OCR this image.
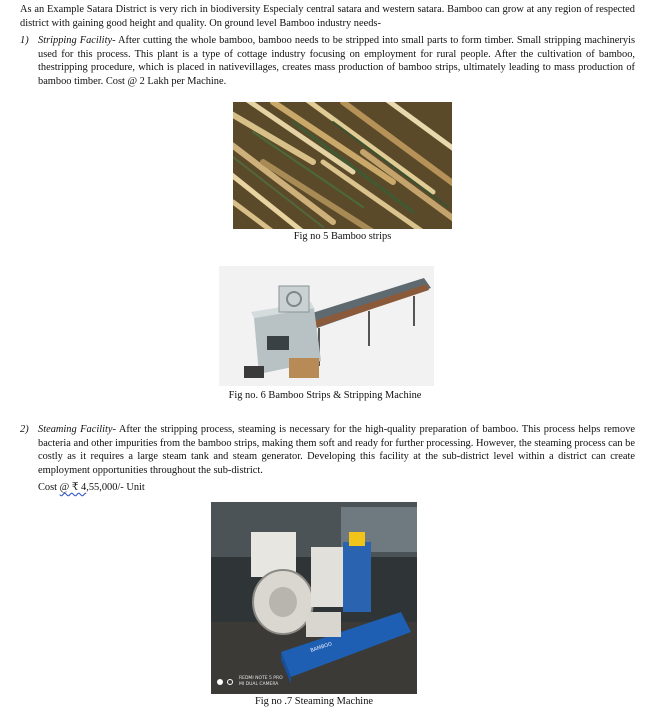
As an Example Satara District is very rich in biodiversity Especialy central satara and western satara. Bamboo can grow at any region of respected district with gaining good height and quality. On ground level Bamboo industry needs-

1) Stripping Facility- After cutting the whole bamboo, bamboo needs to be stripped into small parts to form timber. Small stripping machineryis used for this process. This plant is a type of cottage industry focusing on employment for rural people. After the cultivation of bamboo, thestripping procedure, which is placed in nativevillages, creates mass production of bamboo strips, ultimately leading to mass production of bamboo timber. Cost @ 2 Lakh per Machine.
Fig no 5 Bamboo strips
Fig no. 6 Bamboo Strips & Stripping Machine
2) Steaming Facility- After the stripping process, steaming is necessary for the high-quality preparation of bamboo. This process helps remove bacteria and other impurities from the bamboo strips, making them soft and ready for further processing. However, the steaming process can be costly as it requires a large steam tank and steam generator. Developing this facility at the sub-district level within a district can create employment opportunities throughout the sub-district.
Cost @ ₹ 4,55,000/- Unit
BAMBOO
REDMI NOTE 5 PRO
MI DUAL CAMERA
Fig no .7 Steaming Machine
